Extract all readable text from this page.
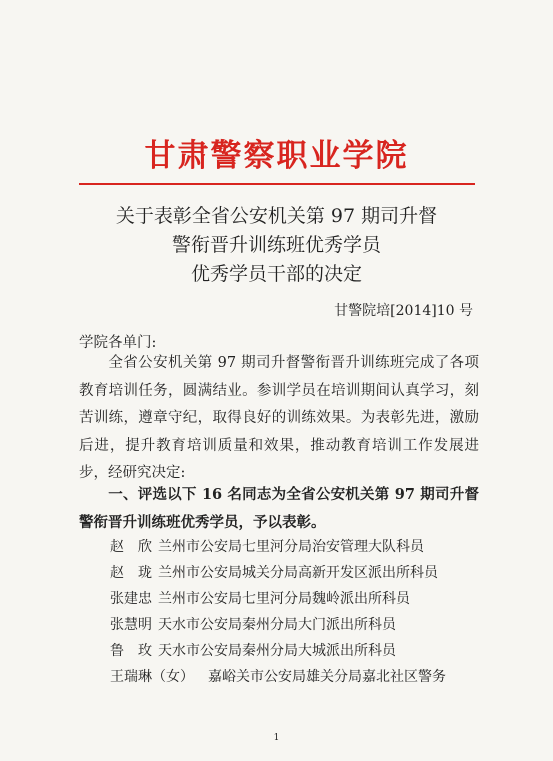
甘肃警察职业学院
关于表彰全省公安机关第 97 期司升督
警衔晋升训练班优秀学员
优秀学员干部的决定
甘警院培[2014]10 号
学院各单门:

全省公安机关第 97 期司升督警衔晋升训练班完成了各项教育培训任务，圆满结业。参训学员在培训期间认真学习，刻苦训练，遵章守纪，取得良好的训练效果。为表彰先进，激励后进，提升教育培训质量和效果，推动教育培训工作发展进步，经研究决定:

一、评选以下 16 名同志为全省公安机关第 97 期司升督警衔晋升训练班优秀学员，予以表彰。

赵　欣 兰州市公安局七里河分局治安管理大队科员
赵　珑 兰州市公安局城关分局高新开发区派出所科员
张建忠 兰州市公安局七里河分局魏岭派出所科员
张慧明 天水市公安局秦州分局大门派出所科员
鲁　玫 天水市公安局秦州分局大城派出所科员
王瑞琳（女） 嘉峪关市公安局雄关分局嘉北社区警务
1
